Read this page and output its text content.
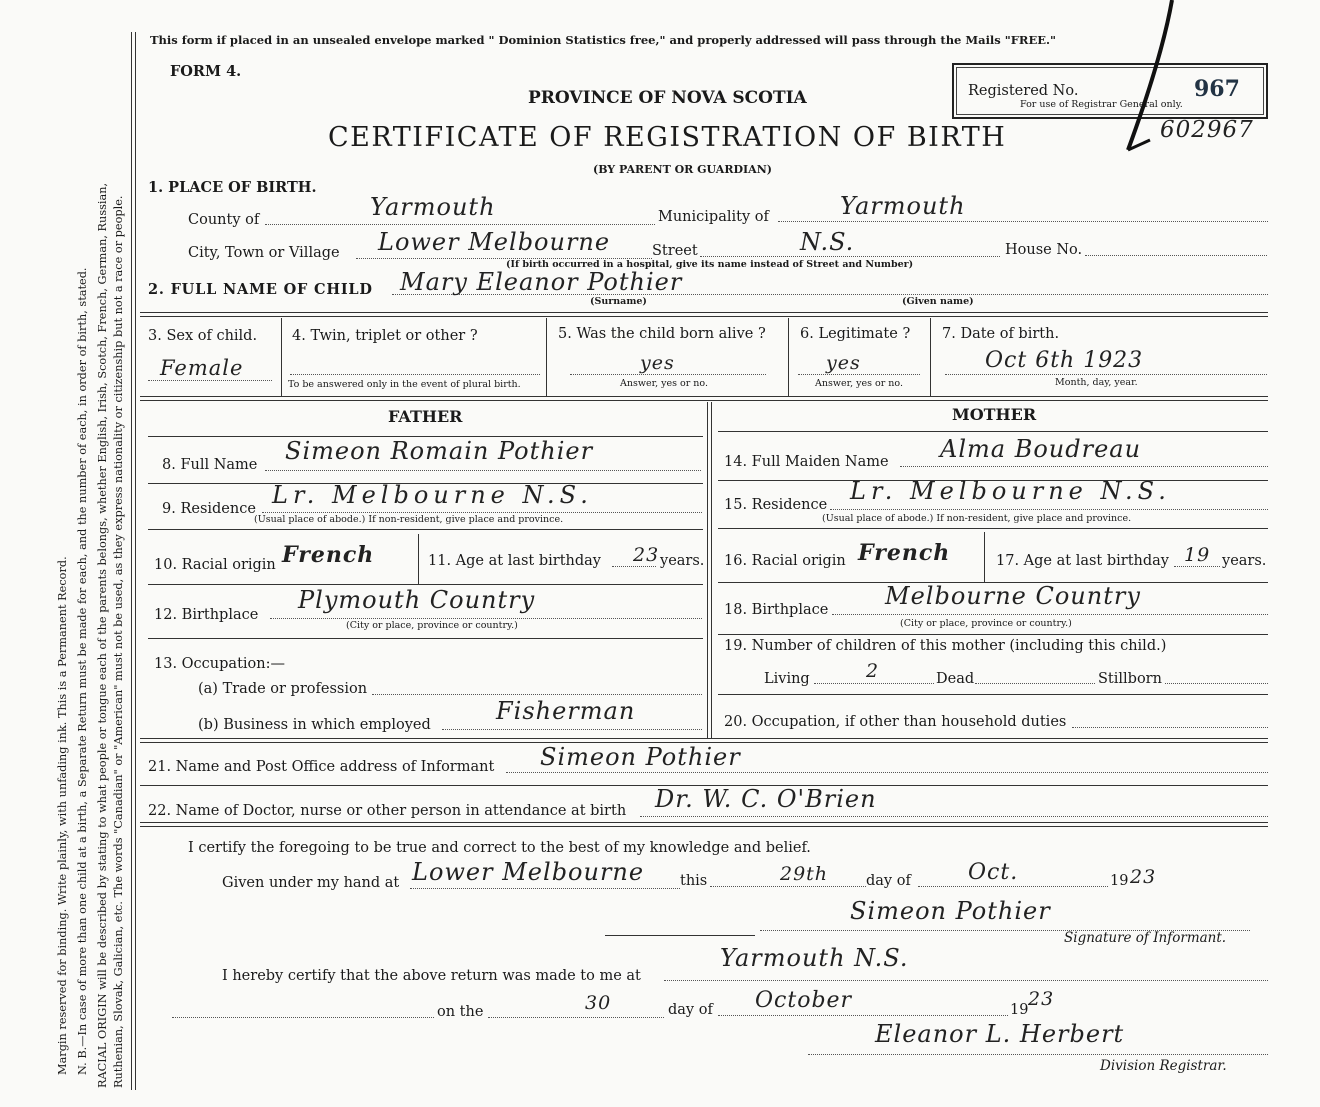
Margin reserved for binding. Write plainly, with unfading ink. This is a Permanent Record. N. B.—In case of more than one child at a birth, a Separate Return must be made for each, and the number of each, in order of birth, stated. RACIAL ORIGIN will be described by stating to what people or tongue each of the parents belongs, whether English, Irish, Scotch, French, German, Russian, Ruthenian, Slovak, Galician, etc. The words "Canadian" or "American" must not be used, as they express nationality or citizenship but not a race or people.
This form if placed in an unsealed envelope marked " Dominion Statistics free," and properly addressed will pass through the Mails "FREE."
FORM 4.
PROVINCE OF NOVA SCOTIA
CERTIFICATE OF REGISTRATION OF BIRTH
(BY PARENT OR GUARDIAN)
Registered No.	967
For use of Registrar General only.
602967
1. PLACE OF BIRTH.
County of	Yarmouth	Municipality of	Yarmouth
City, Town or Village Lower Melbourne	Street	N.S.	House No.
(If birth occurred in a hospital, give its name instead of Street and Number)
2. FULL NAME OF CHILD Mary Eleanor Pothier
(Surname)	(Given name)
3. Sex of child.
Female
4. Twin, triplet or other ?
To be answered only in the event of plural birth.
5. Was the child born alive ?
yes
Answer, yes or no.
6. Legitimate ?
yes
Answer, yes or no.
7. Date of birth.
Oct 6th 1923
Month, day, year.
FATHER	MOTHER
8. Full Name Simeon Romain Pothier
9. Residence Lr. Melbourne N.S.
(Usual place of abode.) If non-resident, give place and province.
10. Racial origin French	11. Age at last birthday 23 years.
12. Birthplace
Plymouth Country
(City or place, province or country.)
13. Occupation:—
(a) Trade or profession
(b) Business in which employed	Fisherman
14. Full Maiden Name Alma Boudreau
15. Residence Lr. Melbourne N.S.
(Usual place of abode.) If non-resident, give place and province.
16. Racial origin French	17. Age at last birthday 19 years.
18. Birthplace Melbourne Country
(City or place, province or country.)
19. Number of children of this mother (including this child.)
Living	2	Dead	Stillborn
20. Occupation, if other than household duties
21. Name and Post Office address of Informant Simeon Pothier
22. Name of Doctor, nurse or other person in attendance at birth Dr. W. C. O'Brien
I certify the foregoing to be true and correct to the best of my knowledge and belief.
Given under my hand at Lower Melbourne this	29th	day of	Oct.	19 23
Simeon Pothier
Signature of Informant.
I hereby certify that the above return was made to me at
Yarmouth N.S.
on the	30	day of October	19 23
Eleanor L. Herbert
Division Registrar.
